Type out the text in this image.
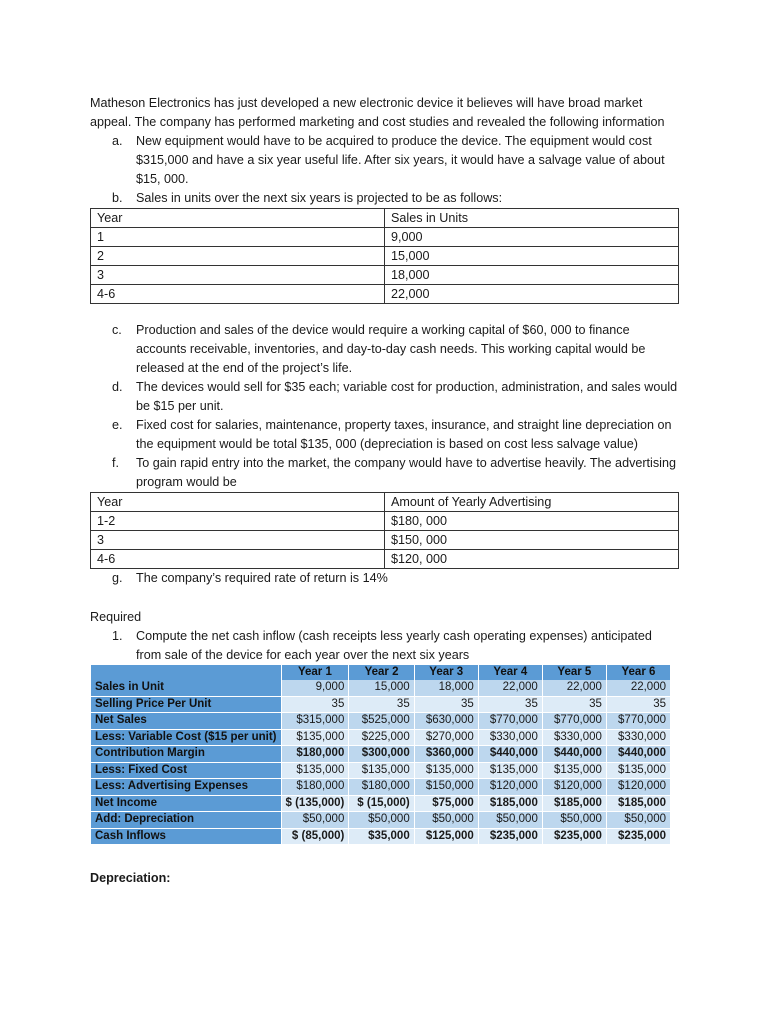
Matheson Electronics has just developed a new electronic device it believes will have broad market appeal. The company has performed marketing and cost studies and revealed the following information

a.	New equipment would have to be acquired to produce the device. The equipment would cost $315,000 and have a six year useful life. After six years, it would have a salvage value of about $15, 000.
b.	Sales in units over the next six years is projected to be as follows:
Year	Sales in Units
1	9,000
2	15,000
3	18,000
4-6	22,000
c.	Production and sales of the device would require a working capital of $60, 000 to finance accounts receivable, inventories, and day-to-day cash needs. This working capital would be released at the end of the project’s life.
d.	The devices would sell for $35 each; variable cost for production, administration, and sales would be $15 per unit.
e.	Fixed cost for salaries, maintenance, property taxes, insurance, and straight line depreciation on the equipment would be total $135, 000 (depreciation is based on cost less salvage value)
f.	To gain rapid entry into the market, the company would have to advertise heavily. The advertising program would be
Year	Amount of Yearly Advertising
1-2	$180, 000
3	$150, 000
4-6	$120, 000
g.	The company’s required rate of return is 14%

Required

1.	Compute the net cash inflow (cash receipts less yearly cash operating expenses) anticipated from sale of the device for each year over the next six years
	Year 1	Year 2	Year 3	Year 4	Year 5	Year 6
Sales in Unit	9,000	15,000	18,000	22,000	22,000	22,000
Selling Price Per Unit	35	35	35	35	35	35
Net Sales	$315,000	$525,000	$630,000	$770,000	$770,000	$770,000
Less: Variable Cost ($15 per unit)	$135,000	$225,000	$270,000	$330,000	$330,000	$330,000
Contribution Margin	$180,000	$300,000	$360,000	$440,000	$440,000	$440,000
Less: Fixed Cost	$135,000	$135,000	$135,000	$135,000	$135,000	$135,000
Less: Advertising Expenses	$180,000	$180,000	$150,000	$120,000	$120,000	$120,000
Net Income	$ (135,000)	$ (15,000)	$75,000	$185,000	$185,000	$185,000
Add: Depreciation	$50,000	$50,000	$50,000	$50,000	$50,000	$50,000
Cash Inflows	$ (85,000)	$35,000	$125,000	$235,000	$235,000	$235,000

Depreciation:
